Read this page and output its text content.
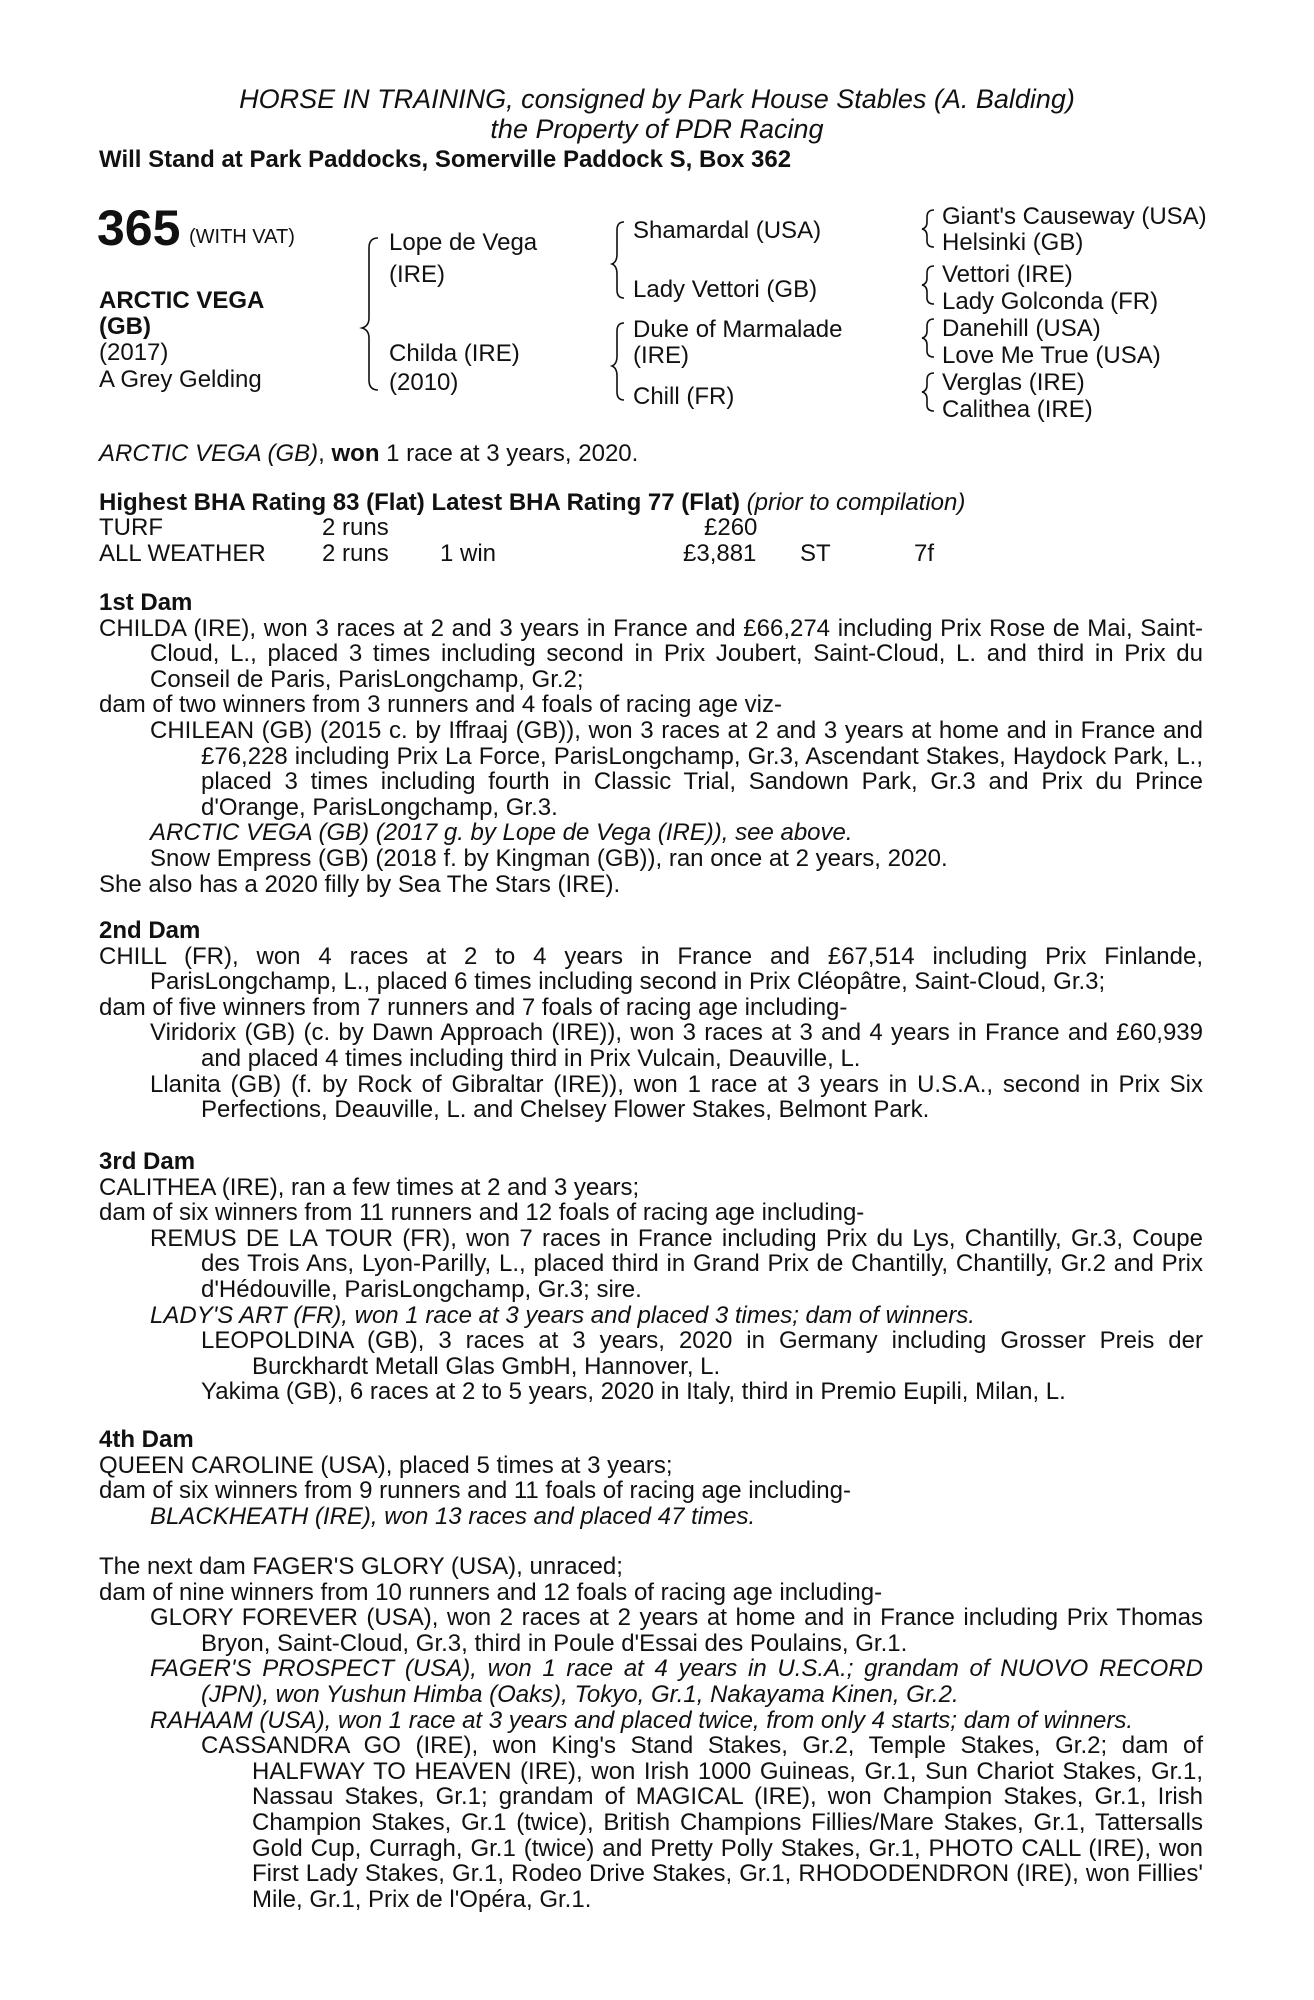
HORSE IN TRAINING, consigned by Park House Stables (A. Balding)
the Property of PDR Racing
Will Stand at Park Paddocks, Somerville Paddock S, Box 362
365 (WITH VAT)
ARCTIC VEGA
(GB)
(2017)
A Grey Gelding
Lope de Vega
(IRE)
Childa (IRE)
(2010)
Shamardal (USA)
Lady Vettori (GB)
Duke of Marmalade
(IRE)
Chill (FR)
Giant's Causeway (USA)
Helsinki (GB)
Vettori (IRE)
Lady Golconda (FR)
Danehill (USA)
Love Me True (USA)
Verglas (IRE)
Calithea (IRE)
ARCTIC VEGA (GB), won 1 race at 3 years, 2020.
Highest BHA Rating 83 (Flat) Latest BHA Rating 77 (Flat) (prior to compilation)
TURF	2 runs	£260
ALL WEATHER 2 runs 1 win	£3,881 ST	7f

1st Dam

CHILDA (IRE), won 3 races at 2 and 3 years in France and £66,274 including Prix Rose de Mai, Saint-Cloud, L., placed 3 times including second in Prix Joubert, Saint-Cloud, L. and third in Prix du Conseil de Paris, ParisLongchamp, Gr.2;

dam of two winners from 3 runners and 4 foals of racing age viz-

CHILEAN (GB) (2015 c. by Iffraaj (GB)), won 3 races at 2 and 3 years at home and in France and £76,228 including Prix La Force, ParisLongchamp, Gr.3, Ascendant Stakes, Haydock Park, L., placed 3 times including fourth in Classic Trial, Sandown Park, Gr.3 and Prix du Prince d'Orange, ParisLongchamp, Gr.3.

ARCTIC VEGA (GB) (2017 g. by Lope de Vega (IRE)), see above.

Snow Empress (GB) (2018 f. by Kingman (GB)), ran once at 2 years, 2020.

She also has a 2020 filly by Sea The Stars (IRE).

2nd Dam

CHILL (FR), won 4 races at 2 to 4 years in France and £67,514 including Prix Finlande, ParisLongchamp, L., placed 6 times including second in Prix Cléopâtre, Saint-Cloud, Gr.3;

dam of five winners from 7 runners and 7 foals of racing age including-

Viridorix (GB) (c. by Dawn Approach (IRE)), won 3 races at 3 and 4 years in France and £60,939 and placed 4 times including third in Prix Vulcain, Deauville, L.

Llanita (GB) (f. by Rock of Gibraltar (IRE)), won 1 race at 3 years in U.S.A., second in Prix Six Perfections, Deauville, L. and Chelsey Flower Stakes, Belmont Park.

3rd Dam

CALITHEA (IRE), ran a few times at 2 and 3 years;

dam of six winners from 11 runners and 12 foals of racing age including-

REMUS DE LA TOUR (FR), won 7 races in France including Prix du Lys, Chantilly, Gr.3, Coupe des Trois Ans, Lyon-Parilly, L., placed third in Grand Prix de Chantilly, Chantilly, Gr.2 and Prix d'Hédouville, ParisLongchamp, Gr.3; sire.

LADY'S ART (FR), won 1 race at 3 years and placed 3 times; dam of winners.

LEOPOLDINA (GB), 3 races at 3 years, 2020 in Germany including Grosser Preis der Burckhardt Metall Glas GmbH, Hannover, L.

Yakima (GB), 6 races at 2 to 5 years, 2020 in Italy, third in Premio Eupili, Milan, L.

4th Dam

QUEEN CAROLINE (USA), placed 5 times at 3 years;

dam of six winners from 9 runners and 11 foals of racing age including-

BLACKHEATH (IRE), won 13 races and placed 47 times.

The next dam FAGER'S GLORY (USA), unraced;

dam of nine winners from 10 runners and 12 foals of racing age including-

GLORY FOREVER (USA), won 2 races at 2 years at home and in France including Prix Thomas Bryon, Saint-Cloud, Gr.3, third in Poule d'Essai des Poulains, Gr.1.

FAGER'S PROSPECT (USA), won 1 race at 4 years in U.S.A.; grandam of NUOVO RECORD (JPN), won Yushun Himba (Oaks), Tokyo, Gr.1, Nakayama Kinen, Gr.2.

RAHAAM (USA), won 1 race at 3 years and placed twice, from only 4 starts; dam of winners.

CASSANDRA GO (IRE), won King's Stand Stakes, Gr.2, Temple Stakes, Gr.2; dam of HALFWAY TO HEAVEN (IRE), won Irish 1000 Guineas, Gr.1, Sun Chariot Stakes, Gr.1, Nassau Stakes, Gr.1; grandam of MAGICAL (IRE), won Champion Stakes, Gr.1, Irish Champion Stakes, Gr.1 (twice), British Champions Fillies/Mare Stakes, Gr.1, Tattersalls Gold Cup, Curragh, Gr.1 (twice) and Pretty Polly Stakes, Gr.1, PHOTO CALL (IRE), won First Lady Stakes, Gr.1, Rodeo Drive Stakes, Gr.1, RHODODENDRON (IRE), won Fillies' Mile, Gr.1, Prix de l'Opéra, Gr.1.
